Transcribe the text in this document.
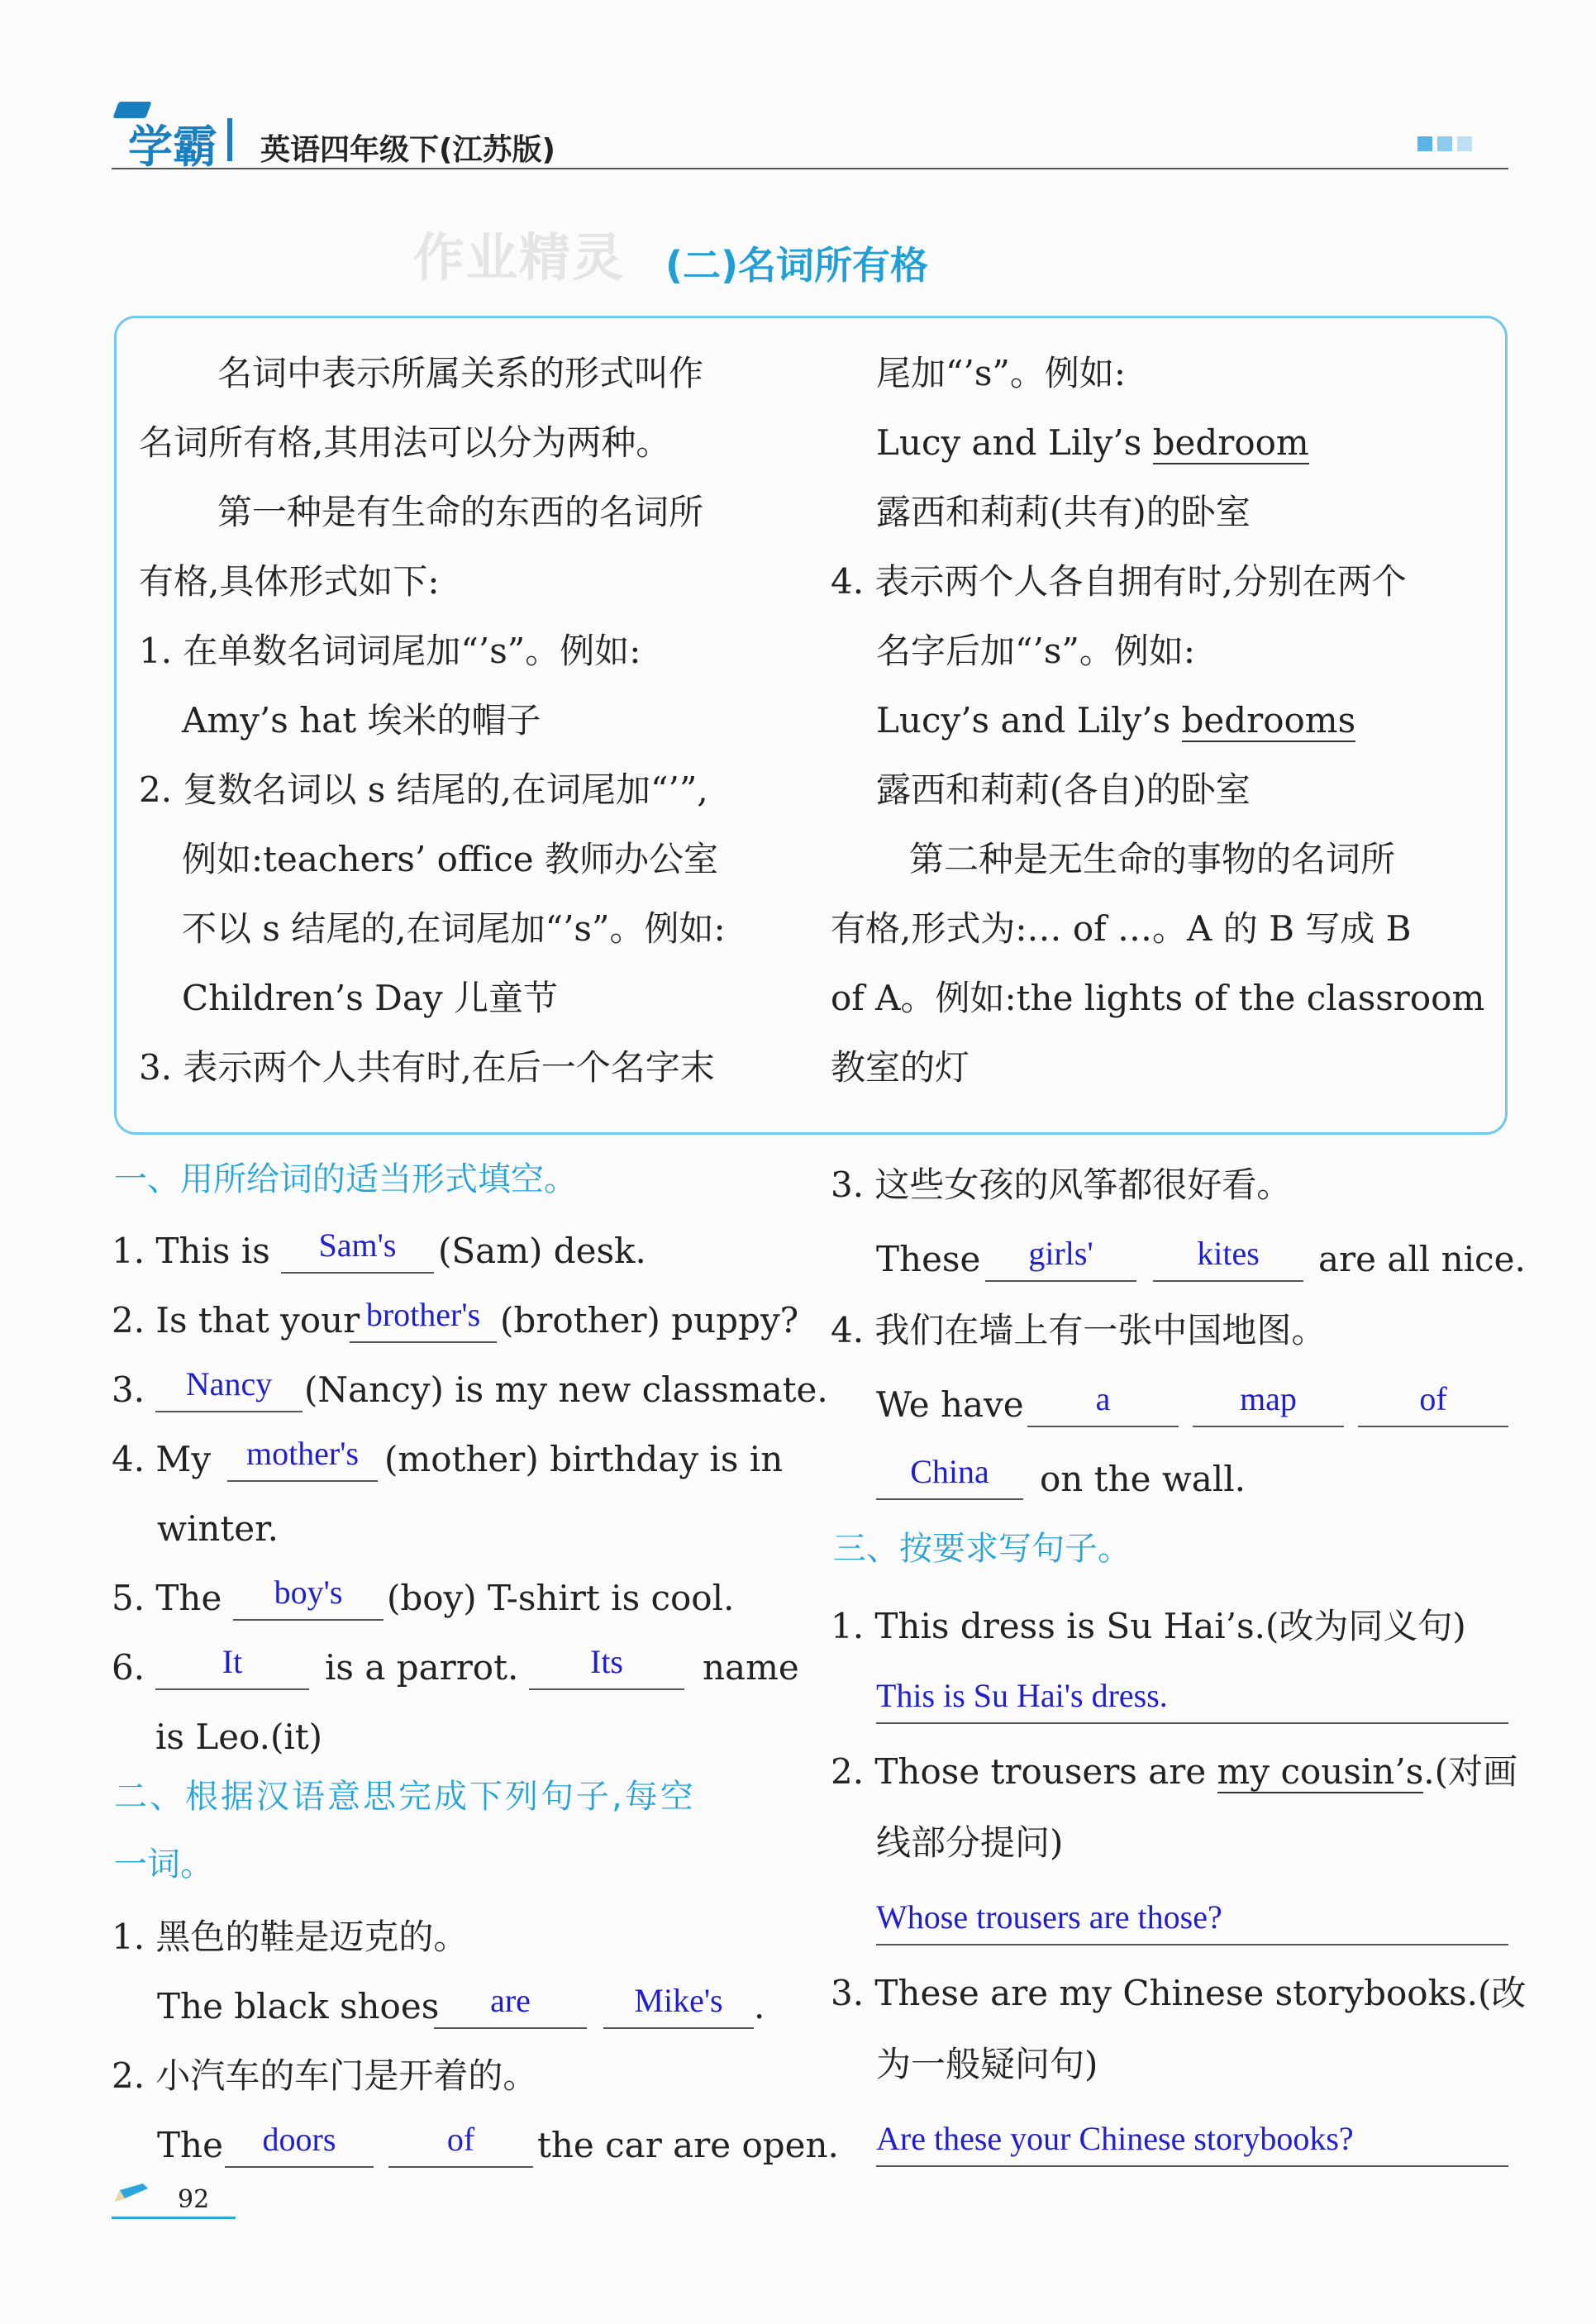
学霸 英语四年级下(江苏版)
作业精灵 (二)名词所有格
名词中表示所属关系的形式叫作
名词所有格,其用法可以分为两种。
第一种是有生命的东西的名词所
有格,具体形式如下:
1. 在单数名词词尾加“’s”。例如:
Amy’s hat 埃米的帽子
2. 复数名词以 s 结尾的,在词尾加“’”,
例如:teachers’ office 教师办公室
不以 s 结尾的,在词尾加“’s”。例如:
Children’s Day 儿童节
3. 表示两个人共有时,在后一个名字末
尾加“’s”。例如:
Lucy and Lily’s bedroom
露西和莉莉(共有)的卧室
4. 表示两个人各自拥有时,分别在两个
名字后加“’s”。例如:
Lucy’s and Lily’s bedrooms
露西和莉莉(各自)的卧室
第二种是无生命的事物的名词所
有格,形式为:… of …。A 的 B 写成 B
of A。例如:the lights of the classroom
教室的灯
一、用所给词的适当形式填空。
1. This is	Sam's	(Sam) desk.
2. Is that your brother's (brother) puppy?
3.	Nancy (Nancy) is my new classmate.
4. My	mother's (mother) birthday is in
winter.
5. The	boy's	(boy) T-shirt is cool.
6.	It	is a parrot.	Its	name
is Leo.(it)
二、根据汉语意思完成下列句子,每空
一词。
1. 黑色的鞋是迈克的。
The black shoes	are	Mike's .
2. 小汽车的车门是开着的。
The	doors	of	the car are open.
3. 这些女孩的风筝都很好看。
These	girls'	kites	are all nice.
4. 我们在墙上有一张中国地图。
We have	a	map	of
China	on the wall.
三、按要求写句子。
1. This dress is Su Hai’s.(改为同义句)
This is Su Hai's dress.
2. Those trousers are my cousin’s.(对画
线部分提问)
Whose trousers are those?
3. These are my Chinese storybooks.(改
为一般疑问句)
Are these your Chinese storybooks?
92
